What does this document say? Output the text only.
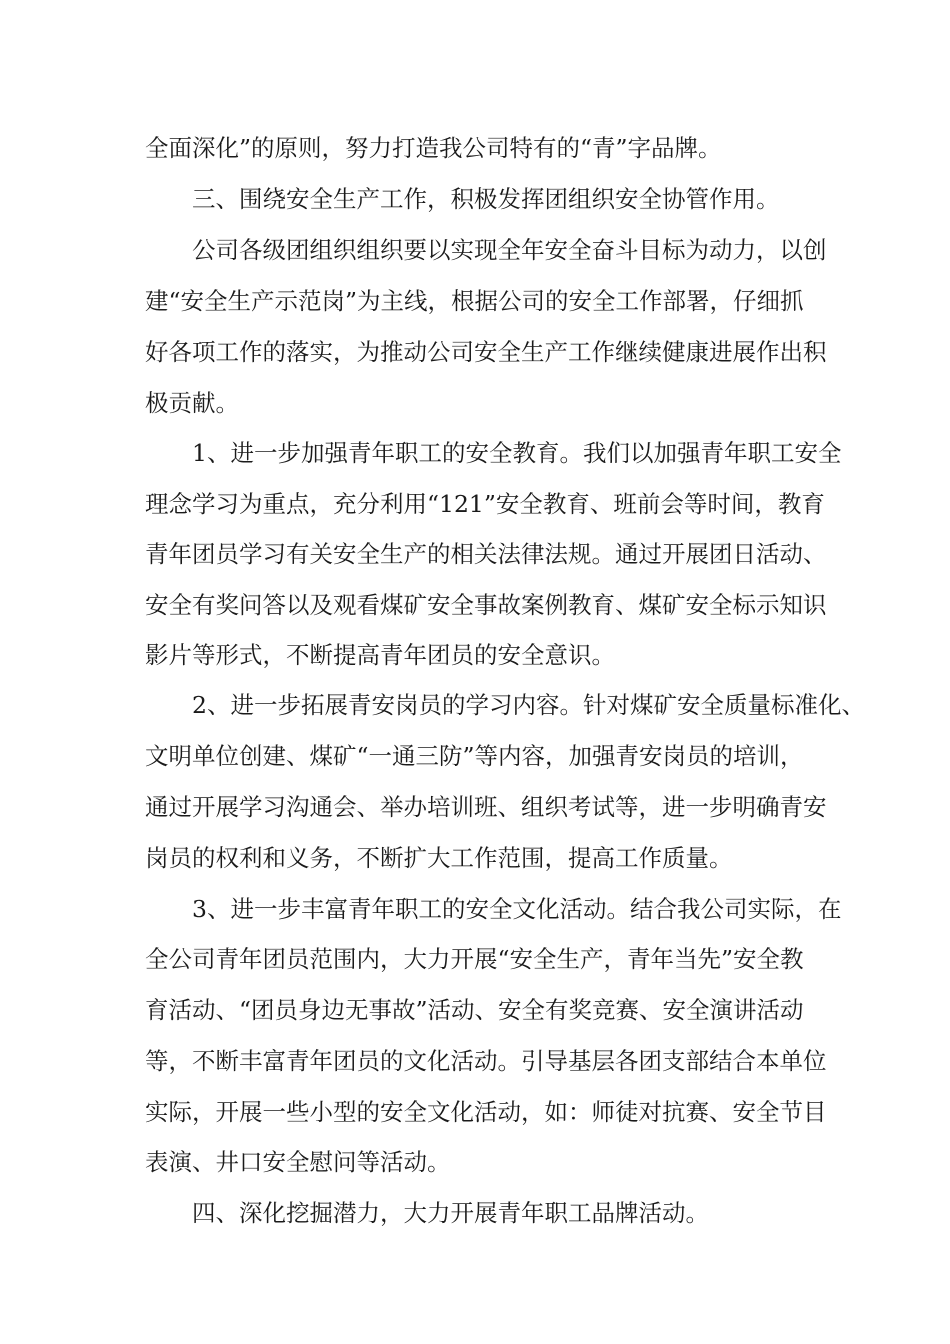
全面深化”的原则，努力打造我公司特有的“青”字品牌。
三、围绕安全生产工作，积极发挥团组织安全协管作用。
公司各级团组织组织要以实现全年安全奋斗目标为动力，以创
建“安全生产示范岗”为主线，根据公司的安全工作部署，仔细抓
好各项工作的落实，为推动公司安全生产工作继续健康进展作出积
极贡献。
1、进一步加强青年职工的安全教育。我们以加强青年职工安全
理念学习为重点，充分利用“121”安全教育、班前会等时间，教育
青年团员学习有关安全生产的相关法律法规。通过开展团日活动、
安全有奖问答以及观看煤矿安全事故案例教育、煤矿安全标示知识
影片等形式，不断提高青年团员的安全意识。
2、进一步拓展青安岗员的学习内容。针对煤矿安全质量标准化、
文明单位创建、煤矿“一通三防”等内容，加强青安岗员的培训，
通过开展学习沟通会、举办培训班、组织考试等，进一步明确青安
岗员的权利和义务，不断扩大工作范围，提高工作质量。
3、进一步丰富青年职工的安全文化活动。结合我公司实际，在
全公司青年团员范围内，大力开展“安全生产，青年当先”安全教
育活动、“团员身边无事故”活动、安全有奖竞赛、安全演讲活动
等，不断丰富青年团员的文化活动。引导基层各团支部结合本单位
实际，开展一些小型的安全文化活动，如：师徒对抗赛、安全节目
表演、井口安全慰问等活动。
四、深化挖掘潜力，大力开展青年职工品牌活动。
